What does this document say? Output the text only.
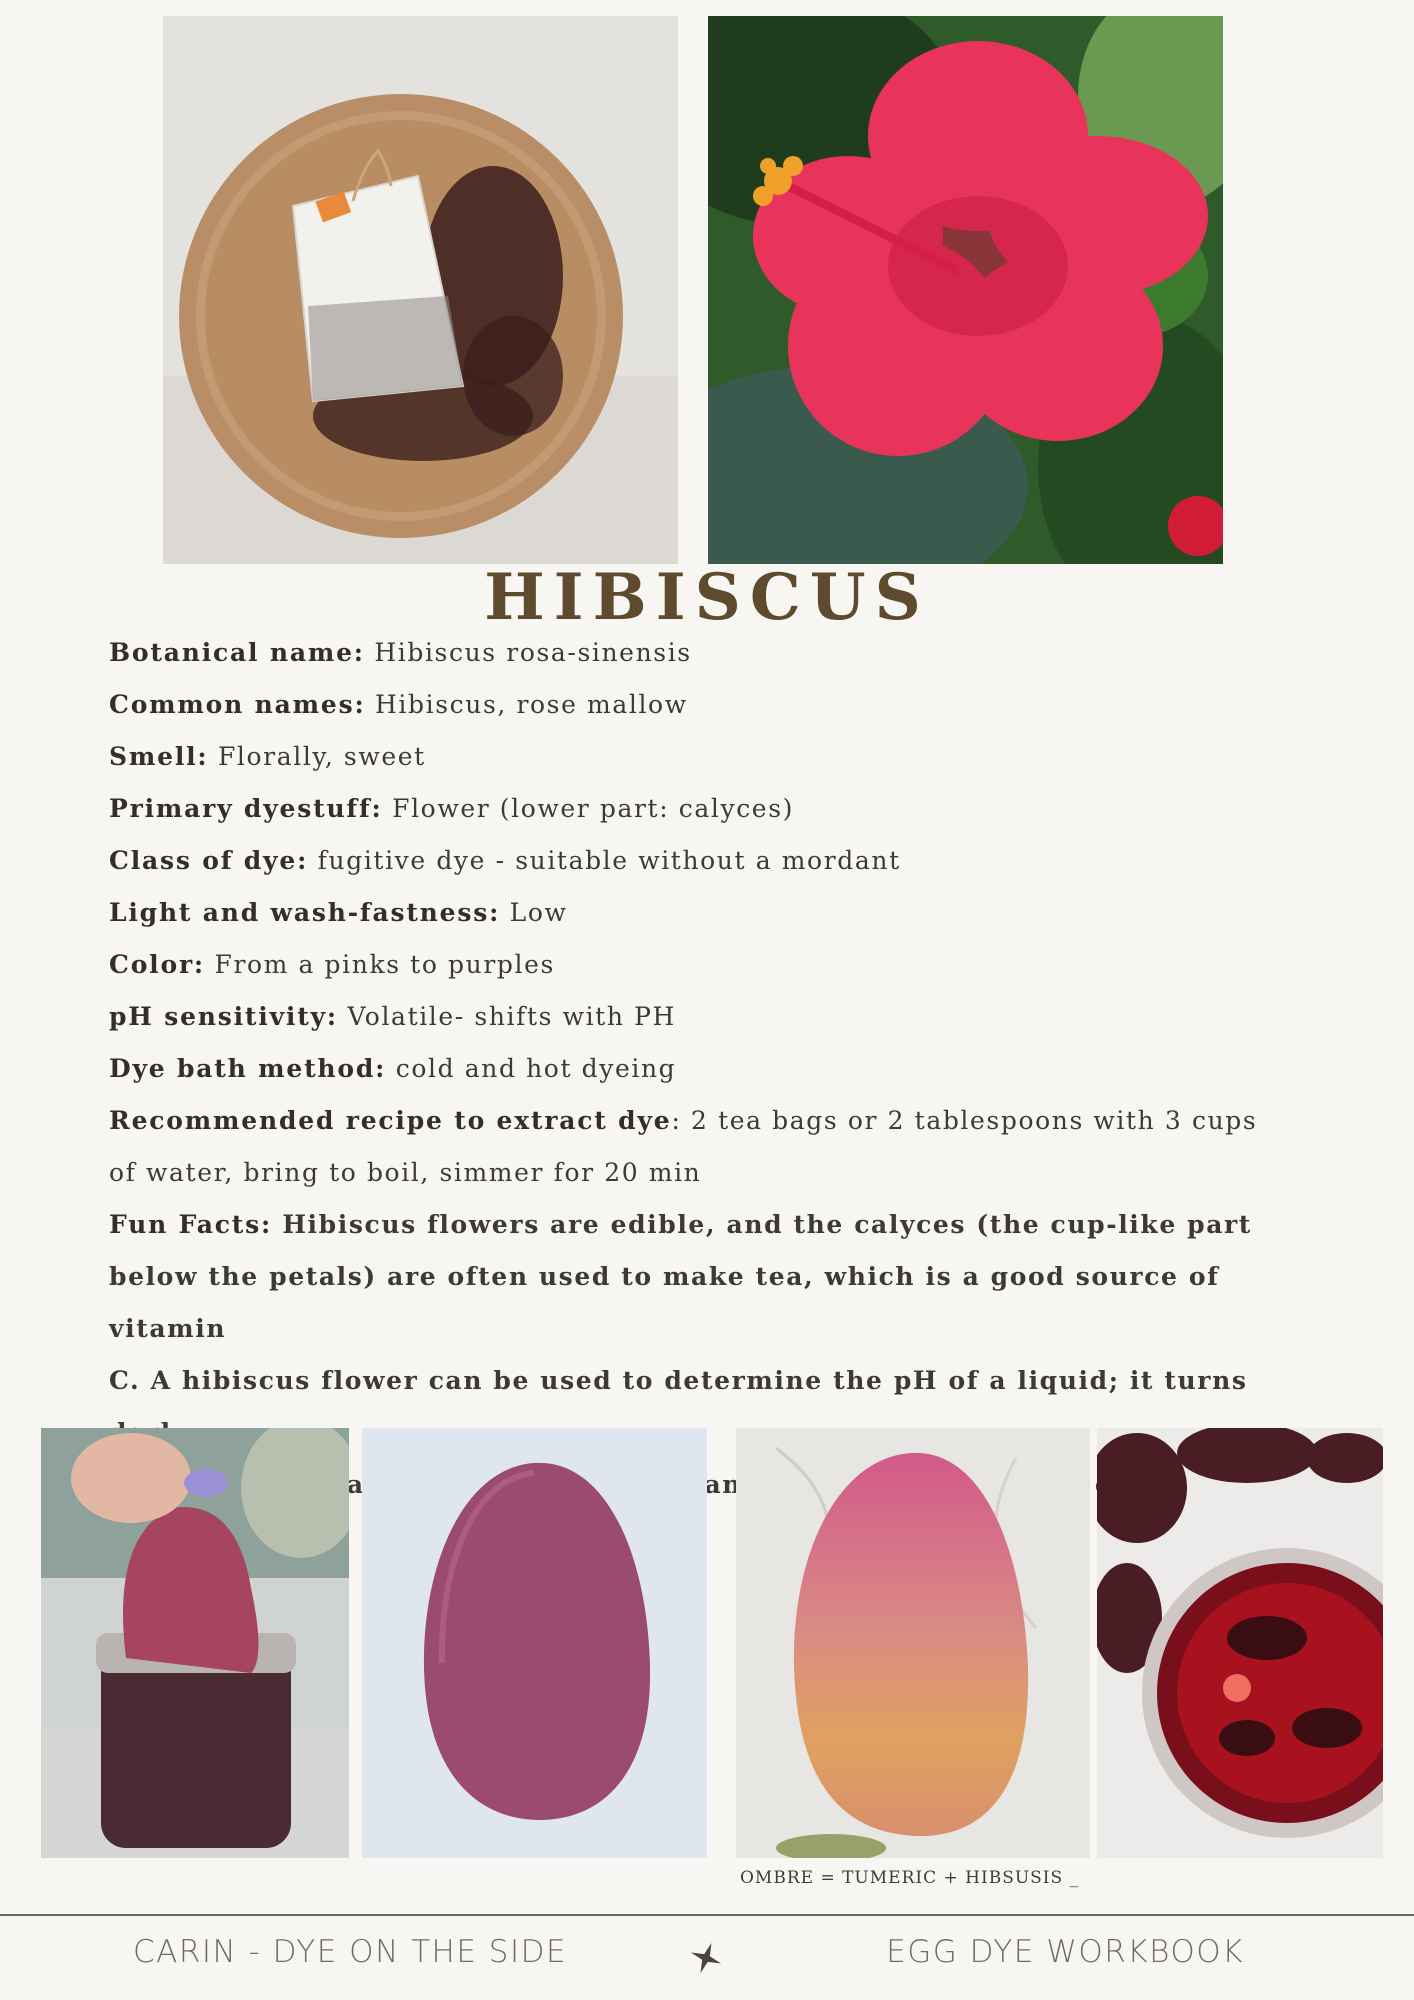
HIBISCUS
Botanical name: Hibiscus rosa-sinensis
Common names: Hibiscus, rose mallow
Smell: Florally, sweet
Primary dyestuff: Flower (lower part: calyces)
Class of dye: fugitive dye - suitable without a mordant
Light and wash-fastness: Low
Color: From a pinks to purples
pH sensitivity: Volatile- shifts with PH
Dye bath method: cold and hot dyeing
Recommended recipe to extract dye: 2 tea bags or 2 tablespoons with 3 cups
of water, bring to boil, simmer for 20 min
Fun Facts: Hibiscus flowers are edible, and the calyces (the cup-like part
below the petals) are often used to make tea, which is a good source of vitamin
C. A hibiscus flower can be used to determine the pH of a liquid; it turns
and
OMBRE = TUMERIC + HIBSUSIS _
CARIN - DYE ON THE SIDE	EGG DYE WORKBOOK
